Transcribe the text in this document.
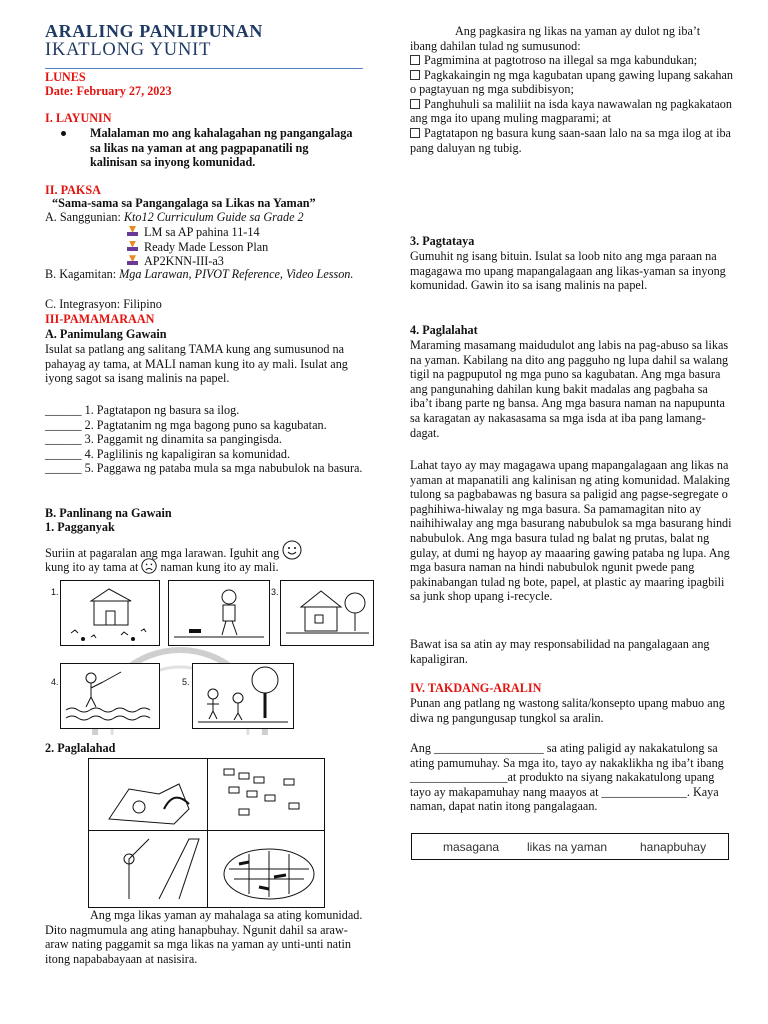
ARALING PANLIPUNAN
IKATLONG YUNIT
LUNES
Date: February 27, 2023
I. LAYUNIN

Malalaman mo ang kahalagahan ng pangangalaga sa likas na yaman at ang pagpapanatili ng kalinisan sa inyong komunidad.

II. PAKSA
“Sama-sama sa Pangangalaga sa Likas na Yaman”
A. Sanggunian: Kto12 Curriculum Guide sa Grade 2
LM sa AP pahina 11-14
Ready Made Lesson Plan
AP2KNN-III-a3
B. Kagamitan: Mga Larawan, PIVOT Reference, Video Lesson.
C. Integrasyon: Filipino
III-PAMAMARAAN
A. Panimulang Gawain
Isulat sa patlang ang salitang TAMA kung ang sumusunod na pahayag ay tama, at MALI naman kung ito ay mali. Isulat ang iyong sagot sa isang malinis na papel.
______ 1. Pagtatapon ng basura sa ilog.
______ 2. Pagtatanim ng mga bagong puno sa kagubatan.
______ 3. Paggamit ng dinamita sa pangingisda.
______ 4. Paglilinis ng kapaligiran sa komunidad.
______ 5. Paggawa ng pataba mula sa mga nabubulok na basura.
B. Panlinang na Gawain
1. Pagganyak
Suriin at pagaralan ang mga larawan. Iguhit ang
kung ito ay tama at naman kung ito ay mali.
1.	3.
4.	5.
2. Paglalahad
Ang mga likas yaman ay mahalaga sa ating komunidad. Dito nagmumula ang ating hanapbuhay. Ngunit dahil sa araw-araw nating paggamit sa mga likas na yaman ay unti-unti natin itong napababayaan at nasisira.
Ang pagkasira ng likas na yaman ay dulot ng iba’t ibang dahilan tulad ng sumusunod:
Pagmimina at pagtotroso na illegal sa mga kabundukan;
Pagkakaingin ng mga kagubatan upang gawing lupang sakahan
o pagtayuan ng mga subdibisyon;
Panghuhuli sa maliliit na isda kaya nawawalan ng pagkakataon
ang mga ito upang muling magparami; at
Pagtatapon ng basura kung saan-saan lalo na sa mga ilog at iba
pang daluyan ng tubig.
3. Pagtataya
Gumuhit ng isang bituin. Isulat sa loob nito ang mga paraan na magagawa mo upang mapangalagaan ang likas-yaman sa inyong komunidad. Gawin ito sa isang malinis na papel.
4. Paglalahat
Maraming masamang maidudulot ang labis na pag-abuso sa likas na yaman. Kabilang na dito ang pagguho ng lupa dahil sa walang tigil na pagpuputol ng mga puno sa kagubatan. Ang mga basura ang pangunahing dahilan kung bakit madalas ang pagbaha sa iba’t ibang parte ng bansa. Ang mga basura naman na napupunta sa karagatan ay nakasasama sa mga isda at iba pang lamang-dagat.
Lahat tayo ay may magagawa upang mapangalagaan ang likas na yaman at mapanatili ang kalinisan ng ating komunidad. Malaking tulong sa pagbabawas ng basura sa paligid ang pagse-segregate o paghihiwa-hiwalay ng mga basura. Sa pamamagitan nito ay naihihiwalay ang mga basurang nabubulok sa mga basurang hindi nabubulok. Ang mga basura tulad ng balat ng prutas, balat ng gulay, at dumi ng hayop ay maaaring gawing pataba ng lupa. Ang mga basura naman na hindi nabubulok ngunit pwede pang pakinabangan tulad ng bote, papel, at plastic ay maaring ipagbili sa junk shop upang i-recycle.
Bawat isa sa atin ay may responsabilidad na pangalagaan ang kapaligiran.
IV. TAKDANG-ARALIN
Punan ang patlang ng wastong salita/konsepto upang mabuo ang diwa ng pangungusap tungkol sa aralin.
Ang __________________ sa ating paligid ay nakakatulong sa ating pamumuhay. Sa mga ito, tayo ay nakaklikha ng iba’t ibang ________________at produkto na siyang nakakatulong upang tayo ay makapamuhay nang maayos at ______________. Kaya naman, dapat natin itong pangalagaan.
masagana likas na yaman	hanapbuhay
